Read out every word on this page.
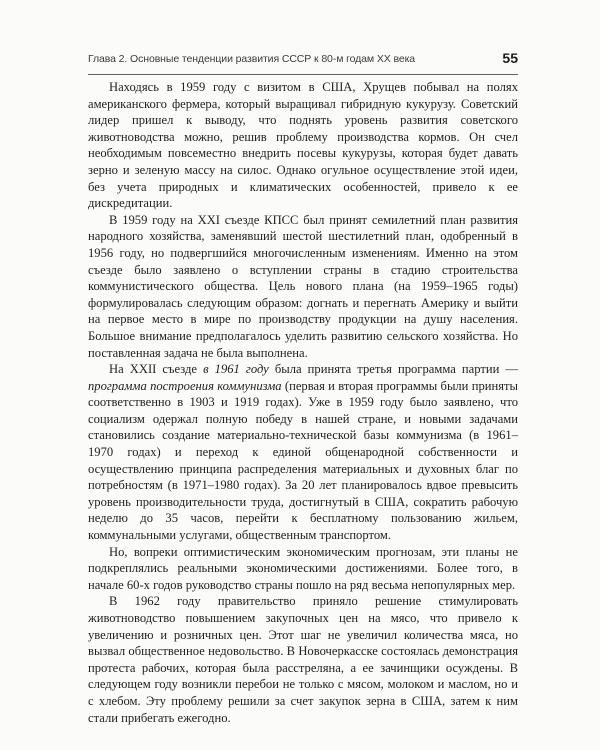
Глава 2. Основные тенденции развития СССР к 80-м годам XX века	55

Находясь в 1959 году с визитом в США, Хрущев побывал на полях американского фермера, который выращивал гибридную кукурузу. Советский лидер пришел к выводу, что поднять уровень развития советского животноводства можно, решив проблему производства кормов. Он счел необходимым повсеместно внедрить посевы кукурузы, которая будет давать зерно и зеленую массу на силос. Однако огульное осуществление этой идеи, без учета природных и климатических особенностей, привело к ее дискредитации.

В 1959 году на XXI съезде КПСС был принят семилетний план развития народного хозяйства, заменявший шестой шестилетний план, одобренный в 1956 году, но подвергшийся многочисленным изменениям. Именно на этом съезде было заявлено о вступлении страны в стадию строительства коммунистического общества. Цель нового плана (на 1959–1965 годы) формулировалась следующим образом: догнать и перегнать Америку и выйти на первое место в мире по производству продукции на душу населения. Большое внимание предполагалось уделить развитию сельского хозяйства. Но поставленная задача не была выполнена.

На XXII съезде в 1961 году была принята третья программа партии — программа построения коммунизма (первая и вторая программы были приняты соответственно в 1903 и 1919 годах). Уже в 1959 году было заявлено, что социализм одержал полную победу в нашей стране, и новыми задачами становились создание материально-технической базы коммунизма (в 1961–1970 годах) и переход к единой общенародной собственности и осуществлению принципа распределения материальных и духовных благ по потребностям (в 1971–1980 годах). За 20 лет планировалось вдвое превысить уровень производительности труда, достигнутый в США, сократить рабочую неделю до 35 часов, перейти к бесплатному пользованию жильем, коммунальными услугами, общественным транспортом.

Но, вопреки оптимистическим экономическим прогнозам, эти планы не подкреплялись реальными экономическими достижениями. Более того, в начале 60-х годов руководство страны пошло на ряд весьма непопулярных мер.

В 1962 году правительство приняло решение стимулировать животноводство повышением закупочных цен на мясо, что привело к увеличению и розничных цен. Этот шаг не увеличил количества мяса, но вызвал общественное недовольство. В Новочеркасске состоялась демонстрация протеста рабочих, которая была расстреляна, а ее зачинщики осуждены. В следующем году возникли перебои не только с мясом, молоком и маслом, но и с хлебом. Эту проблему решили за счет закупок зерна в США, затем к ним стали прибегать ежегодно.
